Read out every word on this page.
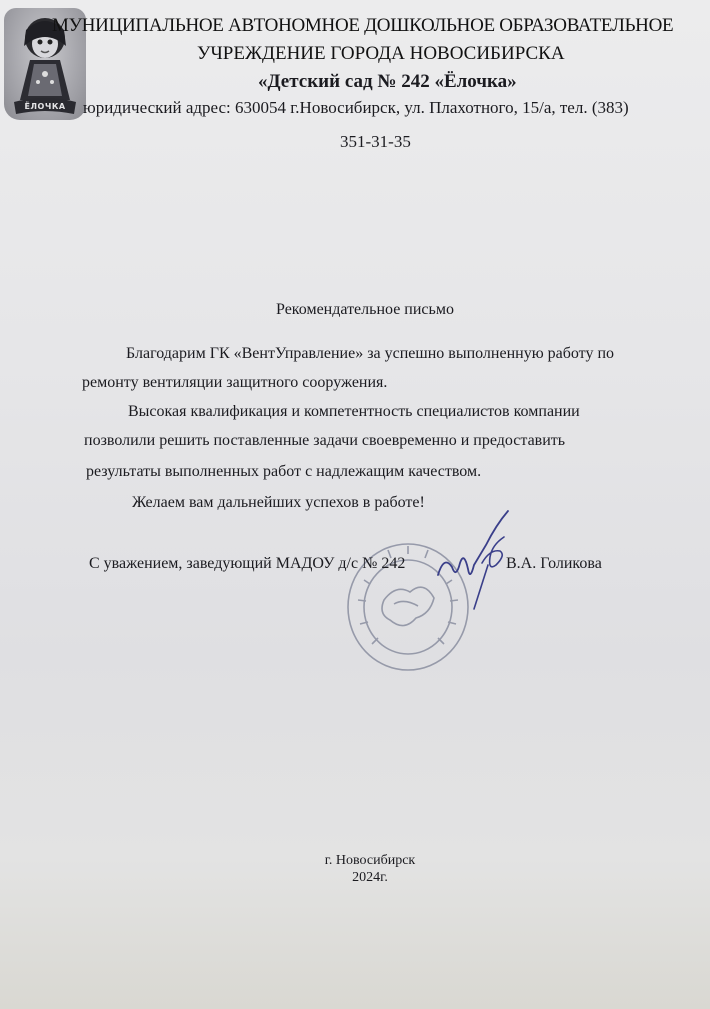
ЁЛОЧКА
МУНИЦИПАЛЬНОЕ АВТОНОМНОЕ ДОШКОЛЬНОЕ ОБРАЗОВАТЕЛЬНОЕ
УЧРЕЖДЕНИЕ ГОРОДА НОВОСИБИРСКА
«Детский сад № 242 «Ёлочка»
юридический адрес: 630054 г.Новосибирск, ул. Плахотного, 15/а, тел. (383)
351-31-35
Рекомендательное письмо
Благодарим ГК «ВентУправление» за успешно выполненную работу по
ремонту вентиляции защитного сооружения.
Высокая квалификация и компетентность специалистов компании
позволили решить поставленные задачи своевременно и предоставить
результаты выполненных работ с надлежащим качеством.
Желаем вам дальнейших успехов в работе!
С уважением, заведующий МАДОУ д/с № 242	В.А. Голикова
г. Новосибирск
2024г.
